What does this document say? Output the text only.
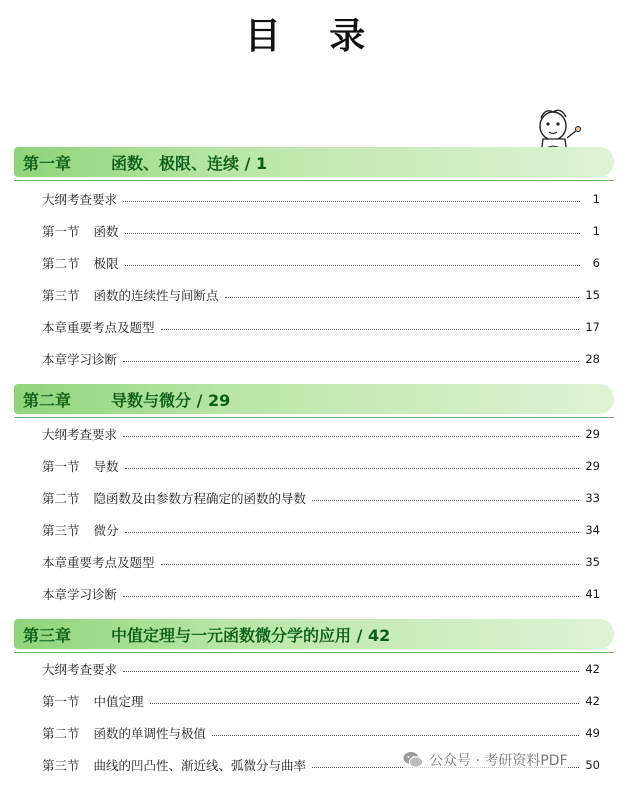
目 录
第一章	函数、极限、连续 / 1
大纲考查要求	1
第一节 函数	1
第二节 极限	6
第三节 函数的连续性与间断点	15
本章重要考点及题型	17
本章学习诊断	28
第二章	导数与微分 / 29
大纲考查要求	29
第一节 导数	29
第二节 隐函数及由参数方程确定的函数的导数	33
第三节 微分	34
本章重要考点及题型	35
本章学习诊断	41
第三章	中值定理与一元函数微分学的应用 / 42
大纲考查要求	42
第一节 中值定理	42
第二节 函数的单调性与极值	49
第三节 曲线的凹凸性、渐近线、弧微分与曲率	50
公众号 · 考研资料PDF
